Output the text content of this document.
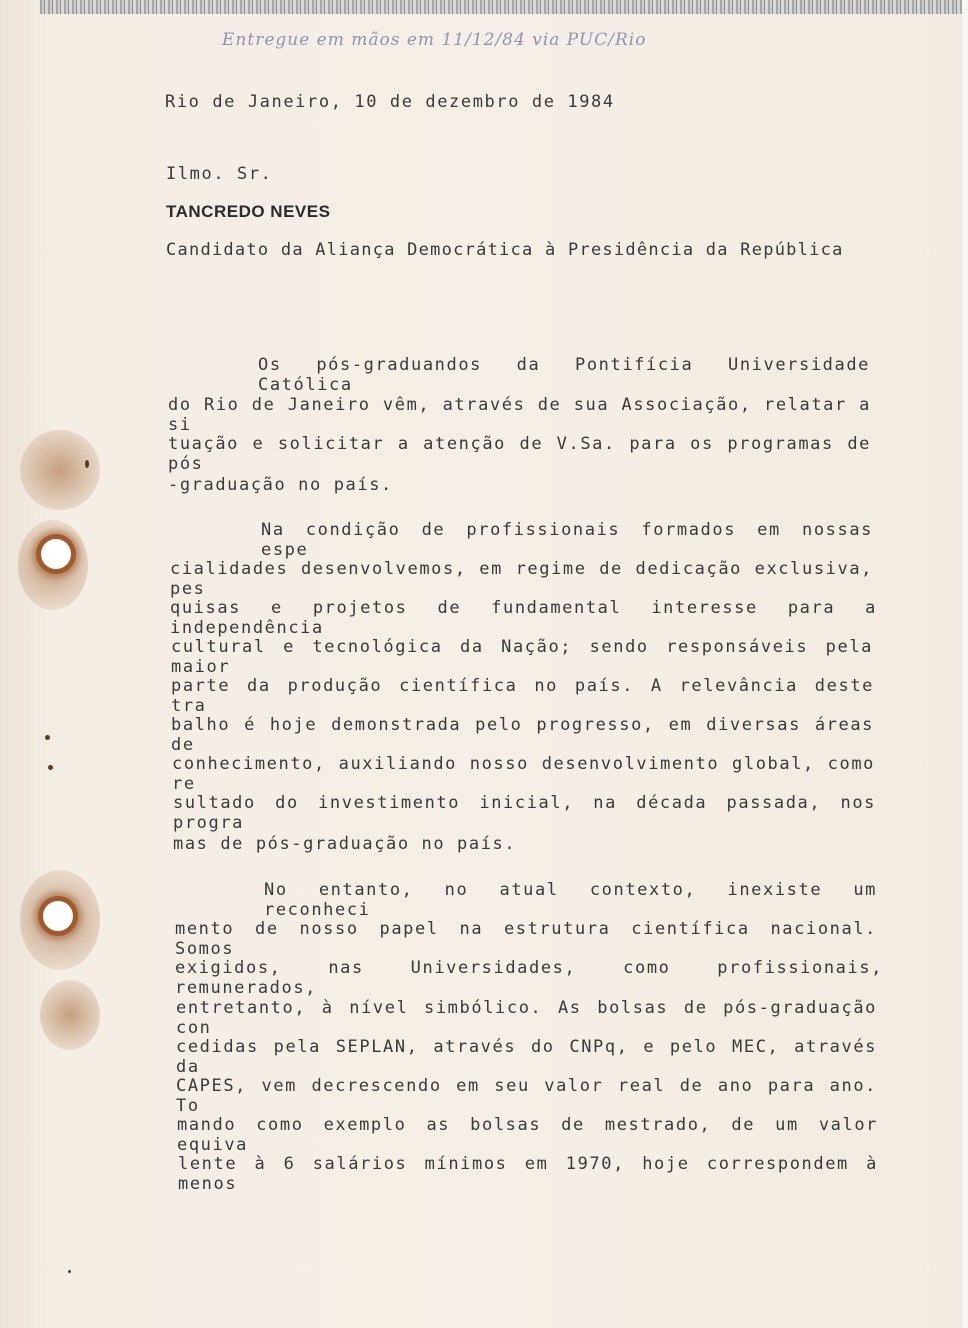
Entregue em mãos em 11/12/84 via PUC/Rio
Rio de Janeiro, 10 de dezembro de 1984
Ilmo. Sr.
TANCREDO NEVES
Candidato da Aliança Democrática à Presidência da República
Os pós-graduandos da Pontifícia Universidade Católica
do Rio de Janeiro vêm, através de sua Associação, relatar a si
tuação e solicitar a atenção de V.Sa. para os programas de pós
-graduação no país.
Na condição de profissionais formados em nossas espe
cialidades desenvolvemos, em regime de dedicação exclusiva, pes
quisas e projetos de fundamental interesse para a independência
cultural e tecnológica da Nação; sendo responsáveis pela maior
parte da produção científica no país. A relevância deste tra
balho é hoje demonstrada pelo progresso, em diversas áreas de
conhecimento, auxiliando nosso desenvolvimento global, como re
sultado do investimento inicial, na década passada, nos progra
mas de pós-graduação no país.
No entanto, no atual contexto, inexiste um reconheci
mento de nosso papel na estrutura científica nacional. Somos
exigidos, nas Universidades, como profissionais, remunerados,
entretanto, à nível simbólico. As bolsas de pós-graduação con
cedidas pela SEPLAN, através do CNPq, e pelo MEC, através da
CAPES, vem decrescendo em seu valor real de ano para ano. To
mando como exemplo as bolsas de mestrado, de um valor equiva
lente à 6 salários mínimos em 1970, hoje correspondem à menos
